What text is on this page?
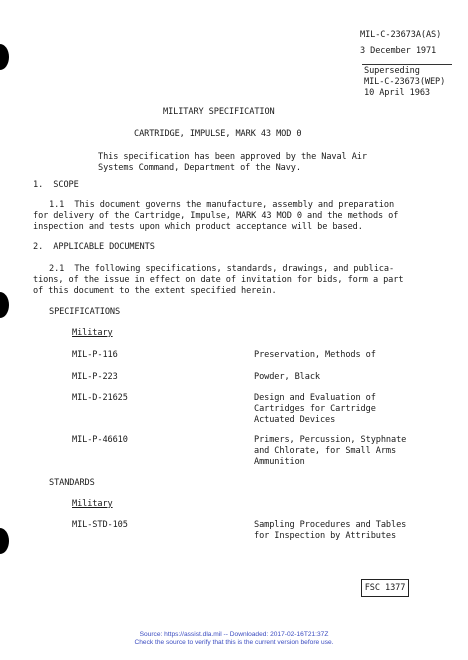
MIL-C-23673A(AS)
3 December 1971
Superseding
MIL-C-23673(WEP)
10 April 1963
MILITARY SPECIFICATION
CARTRIDGE, IMPULSE, MARK 43 MOD 0
This specification has been approved by the Naval Air
Systems Command, Department of the Navy.
1.  SCOPE
1.1  This document governs the manufacture, assembly and preparation
for delivery of the Cartridge, Impulse, MARK 43 MOD 0 and the methods of
inspection and tests upon which product acceptance will be based.
2.  APPLICABLE DOCUMENTS
2.1  The following specifications, standards, drawings, and publica-
tions, of the issue in effect on date of invitation for bids, form a part
of this document to the extent specified herein.
SPECIFICATIONS
Military
MIL-P-116	Preservation, Methods of
MIL-P-223	Powder, Black
MIL-D-21625	Design and Evaluation of
Cartridges for Cartridge
Actuated Devices
MIL-P-46610	Primers, Percussion, Styphnate
and Chlorate, for Small Arms
Ammunition
STANDARDS
Military
MIL-STD-105	Sampling Procedures and Tables
for Inspection by Attributes
FSC 1377
Source: https://assist.dla.mil -- Downloaded: 2017-02-16T21:37Z
Check the source to verify that this is the current version before use.
